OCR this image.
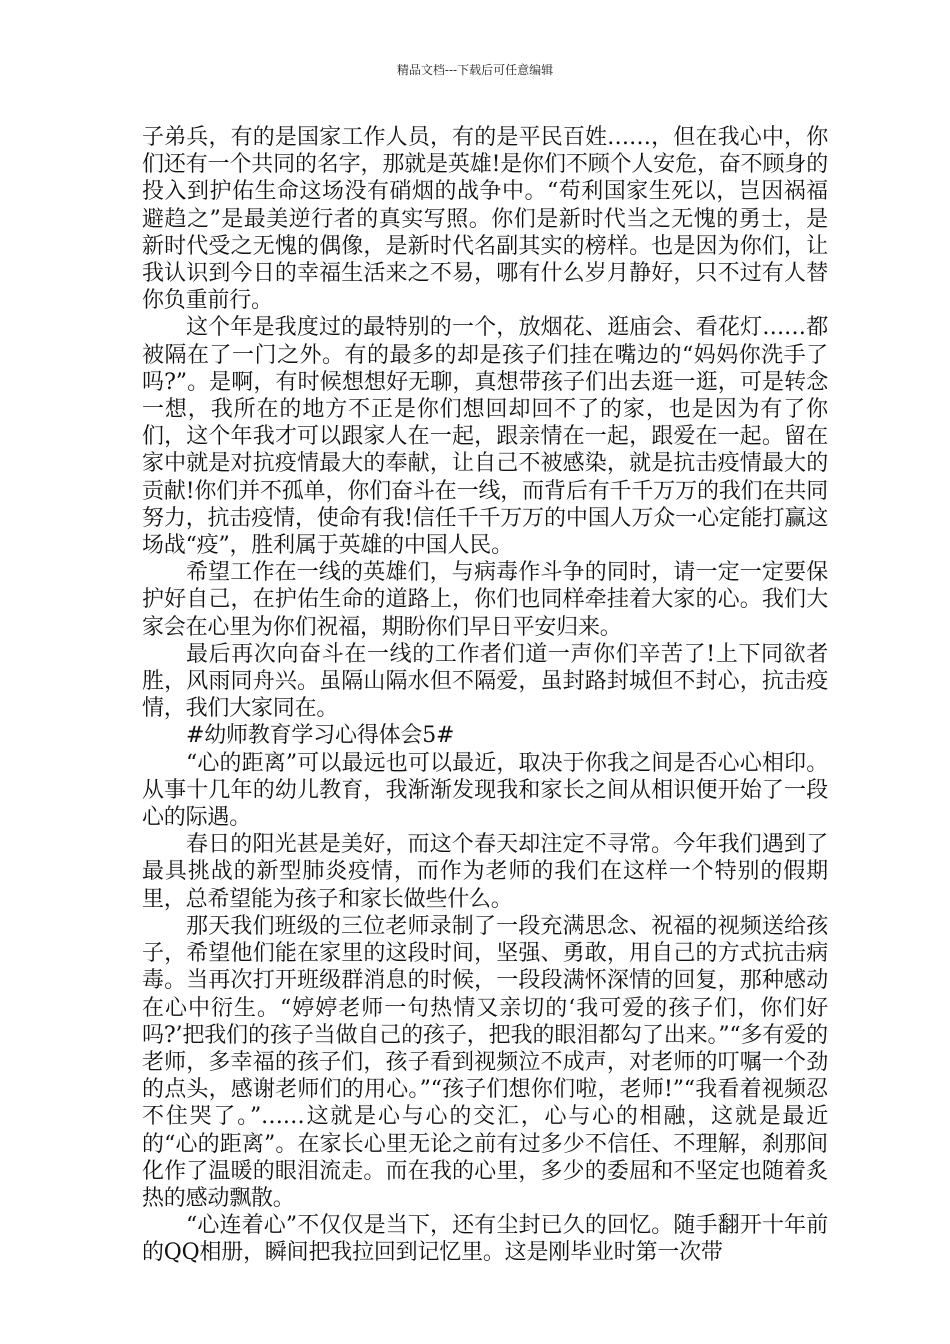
精品文档---下载后可任意编辑

子弟兵，有的是国家工作人员，有的是平民百姓……，但在我心中，你们还有一个共同的名字，那就是英雄!是你们不顾个人安危，奋不顾身的投入到护佑生命这场没有硝烟的战争中。“苟利国家生死以，岂因祸福避趋之”是最美逆行者的真实写照。你们是新时代当之无愧的勇士，是新时代受之无愧的偶像，是新时代名副其实的榜样。也是因为你们，让我认识到今日的幸福生活来之不易，哪有什么岁月静好，只不过有人替你负重前行。

这个年是我度过的最特别的一个，放烟花、逛庙会、看花灯……都被隔在了一门之外。有的最多的却是孩子们挂在嘴边的“妈妈你洗手了吗?”。是啊，有时候想想好无聊，真想带孩子们出去逛一逛，可是转念一想，我所在的地方不正是你们想回却回不了的家，也是因为有了你们，这个年我才可以跟家人在一起，跟亲情在一起，跟爱在一起。留在家中就是对抗疫情最大的奉献，让自己不被感染，就是抗击疫情最大的贡献!你们并不孤单，你们奋斗在一线，而背后有千千万万的我们在共同努力，抗击疫情，使命有我!信任千千万万的中国人万众一心定能打赢这场战“疫”，胜利属于英雄的中国人民。

希望工作在一线的英雄们，与病毒作斗争的同时，请一定一定要保护好自己，在护佑生命的道路上，你们也同样牵挂着大家的心。我们大家会在心里为你们祝福，期盼你们早日平安归来。

最后再次向奋斗在一线的工作者们道一声你们辛苦了!上下同欲者胜，风雨同舟兴。虽隔山隔水但不隔爱，虽封路封城但不封心，抗击疫情，我们大家同在。

#幼师教育学习心得体会5#

“心的距离”可以最远也可以最近，取决于你我之间是否心心相印。从事十几年的幼儿教育，我渐渐发现我和家长之间从相识便开始了一段心的际遇。

春日的阳光甚是美好，而这个春天却注定不寻常。今年我们遇到了最具挑战的新型肺炎疫情，而作为老师的我们在这样一个特别的假期里，总希望能为孩子和家长做些什么。

那天我们班级的三位老师录制了一段充满思念、祝福的视频送给孩子，希望他们能在家里的这段时间，坚强、勇敢，用自己的方式抗击病毒。当再次打开班级群消息的时候，一段段满怀深情的回复，那种感动在心中衍生。“婷婷老师一句热情又亲切的‘我可爱的孩子们，你们好吗?’把我们的孩子当做自己的孩子，把我的眼泪都勾了出来。”“多有爱的老师，多幸福的孩子们，孩子看到视频泣不成声，对老师的叮嘱一个劲的点头，感谢老师们的用心。”“孩子们想你们啦，老师!”“我看着视频忍不住哭了。”……这就是心与心的交汇，心与心的相融，这就是最近的“心的距离”。在家长心里无论之前有过多少不信任、不理解，刹那间化作了温暖的眼泪流走。而在我的心里，多少的委屈和不坚定也随着炙热的感动飘散。

“心连着心”不仅仅是当下，还有尘封已久的回忆。随手翻开十年前的QQ相册，瞬间把我拉回到记忆里。这是刚毕业时第一次带
